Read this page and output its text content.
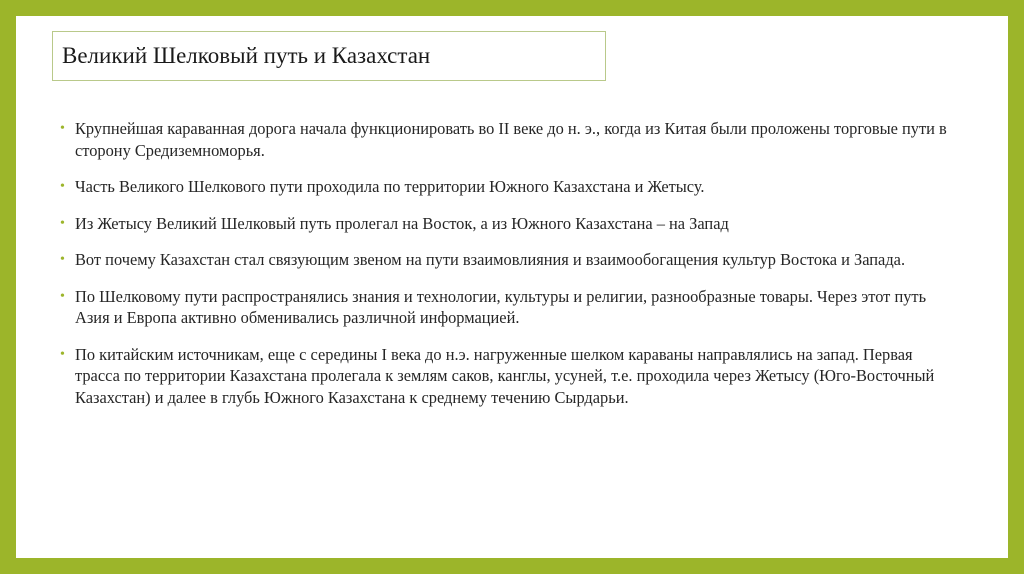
Великий Шелковый путь и Казахстан
• Крупнейшая караванная дорога начала функционировать во II веке до н. э., когда из Китая были проложены торговые пути в сторону Средиземноморья.
• Часть Великого Шелкового пути проходила по территории Южного Казахстана и Жетысу.
• Из Жетысу Великий Шелковый путь пролегал на Восток, а из Южного Казахстана – на Запад
• Вот почему Казахстан стал связующим звеном на пути взаимовлияния и взаимообогащения культур Востока и Запада.
• По Шелковому пути распространялись знания и технологии, культуры и религии, разнообразные товары. Через этот путь Азия и Европа активно обменивались различной информацией.
• По китайским источникам, еще с середины I века до н.э. нагруженные шелком караваны направлялись на запад. Первая трасса по территории Казахстана пролегала к землям саков, канглы, усуней, т.е. проходила через Жетысу (Юго-Восточный Казахстан) и далее в глубь Южного Казахстана к среднему течению Сырдарьи.
